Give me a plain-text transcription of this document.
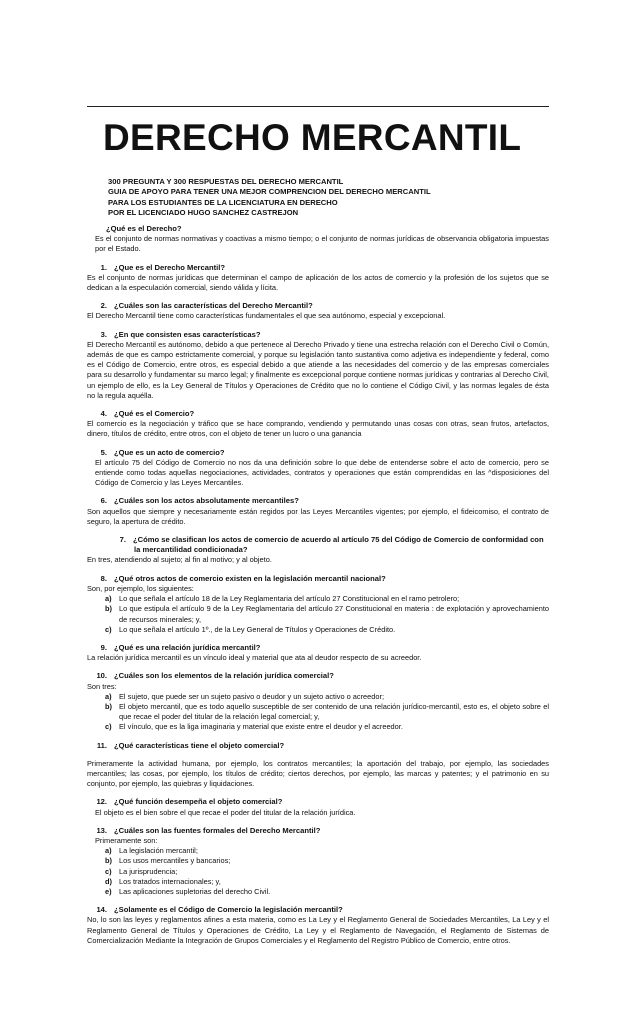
DERECHO MERCANTIL
300 PREGUNTA Y 300 RESPUESTAS DEL DERECHO MERCANTIL
GUIA DE APOYO PARA TENER UNA MEJOR COMPRENCION DEL DERECHO MERCANTIL
PARA LOS ESTUDIANTES DE LA LICENCIATURA EN DERECHO
POR EL LICENCIADO HUGO SANCHEZ CASTREJON

¿Qué es el Derecho?

Es el conjunto de normas normativas y coactivas a mismo tiempo; o el conjunto de normas jurídicas de observancia obligatoria impuestas por el Estado.

1. ¿Que es el Derecho Mercantil?

Es el conjunto de normas jurídicas que determinan el campo de aplicación de los actos de comercio y la profesión de los sujetos que se dedican a la especulación comercial, siendo válida y lícita.

2. ¿Cuáles son las características del Derecho Mercantil?

El Derecho Mercantil tiene como características fundamentales el que sea autónomo, especial y excepcional.

3. ¿En que consisten esas características?

El Derecho Mercantil es autónomo, debido a que pertenece al Derecho Privado y tiene una estrecha relación con el Derecho Civil o Común, además de que es campo estrictamente comercial, y porque su legislación tanto sustantiva como adjetiva es independiente y federal, como es el Código de Comercio, entre otros, es especial debido a que atiende a las necesidades del comercio y de las empresas comerciales para su desarrollo y fundamentar su marco legal; y finalmente es excepcional porque contiene normas jurídicas y contrarias al Derecho Civil, un ejemplo de ello, es la Ley General de Títulos y Operaciones de Crédito que no lo contiene el Código Civil, y las normas legales de ésta no la regula aquélla.

4. ¿Qué es el Comercio?

El comercio es la negociación y tráfico que se hace comprando, vendiendo y permutando unas cosas con otras, sean frutos, artefactos, dinero, títulos de crédito, entre otros, con el objeto de tener un lucro o una ganancia

5. ¿Que es un acto de comercio?

El artículo 75 del Código de Comercio no nos da una definición sobre lo que debe de entenderse sobre el acto de comercio, pero se entiende como todas aquellas negociaciones, actividades, contratos y operaciones que están comprendidas en las ^disposiciones del Código de Comercio y las Leyes Mercantiles.

6. ¿Cuáles son los actos absolutamente mercantiles?

Son aquellos que siempre y necesariamente están regidos por las Leyes Mercantiles vigentes; por ejemplo, el fideicomiso, el contrato de seguro, la apertura de crédito.

7. ¿Cómo se clasifican los actos de comercio de acuerdo al artículo 75 del Código de Comercio de conformidad con la mercantilidad condicionada?

En tres, atendiendo al sujeto; al fin al motivo; y al objeto.

8. ¿Qué otros actos de comercio existen en la legislación mercantil nacional?

Son, por ejemplo, los siguientes:

a) Lo que señala el artículo 18 de la Ley Reglamentaria del artículo 27 Constitucional en el ramo petrolero;
b) Lo que estipula el artículo 9 de la Ley Reglamentaria del artículo 27 Constitucional en materia : de explotación y aprovechamiento de recursos minerales; y,
c) Lo que señala el artículo 1º., de la Ley General de Títulos y Operaciones de Crédito.

9. ¿Qué es una relación jurídica mercantil?

La relación jurídica mercantil es un vínculo ideal y material que ata al deudor respecto de su acreedor.

10. ¿Cuáles son los elementos de la relación jurídica comercial?

Son tres:

a) El sujeto, que puede ser un sujeto pasivo o deudor y un sujeto activo o acreedor;
b) El objeto mercantil, que es todo aquello susceptible de ser contenido de una relación jurídico-mercantil, esto es, el objeto sobre el que recae el poder del titular de la relación legal comercial; y,
c) El vínculo, que es la liga imaginaria y material que existe entre el deudor y el acreedor.

11. ¿Qué características tiene el objeto comercial?

Primeramente la actividad humana, por ejemplo, los contratos mercantiles; la aportación del trabajo, por ejemplo, las sociedades mercantiles; las cosas, por ejemplo, los títulos de crédito; ciertos derechos, por ejemplo, las marcas y patentes; y el patrimonio en su conjunto, por ejemplo, las quiebras y liquidaciones.

12. ¿Qué función desempeña el objeto comercial?

El objeto es el bien sobre el que recae el poder del titular de la relación jurídica.

13. ¿Cuáles son las fuentes formales del Derecho Mercantil?

Primeramente son:

a) La legislación mercantil;
b) Los usos mercantiles y bancarios;
c) La jurisprudencia;
d) Los tratados internacionales; y,
e) Las aplicaciones supletorias del derecho Civil.

14. ¿Solamente es el Código de Comercio la legislación mercantil?

No, lo son las leyes y reglamentos afines a esta materia, como es La Ley y el Reglamento General de Sociedades Mercantiles, La Ley y el Reglamento General de Títulos y Operaciones de Crédito, La Ley y el Reglamento de Navegación, el Reglamento de Sistemas de Comercialización Mediante la Integración de Grupos Comerciales y el Reglamento del Registro Público de Comercio, entre otros.
